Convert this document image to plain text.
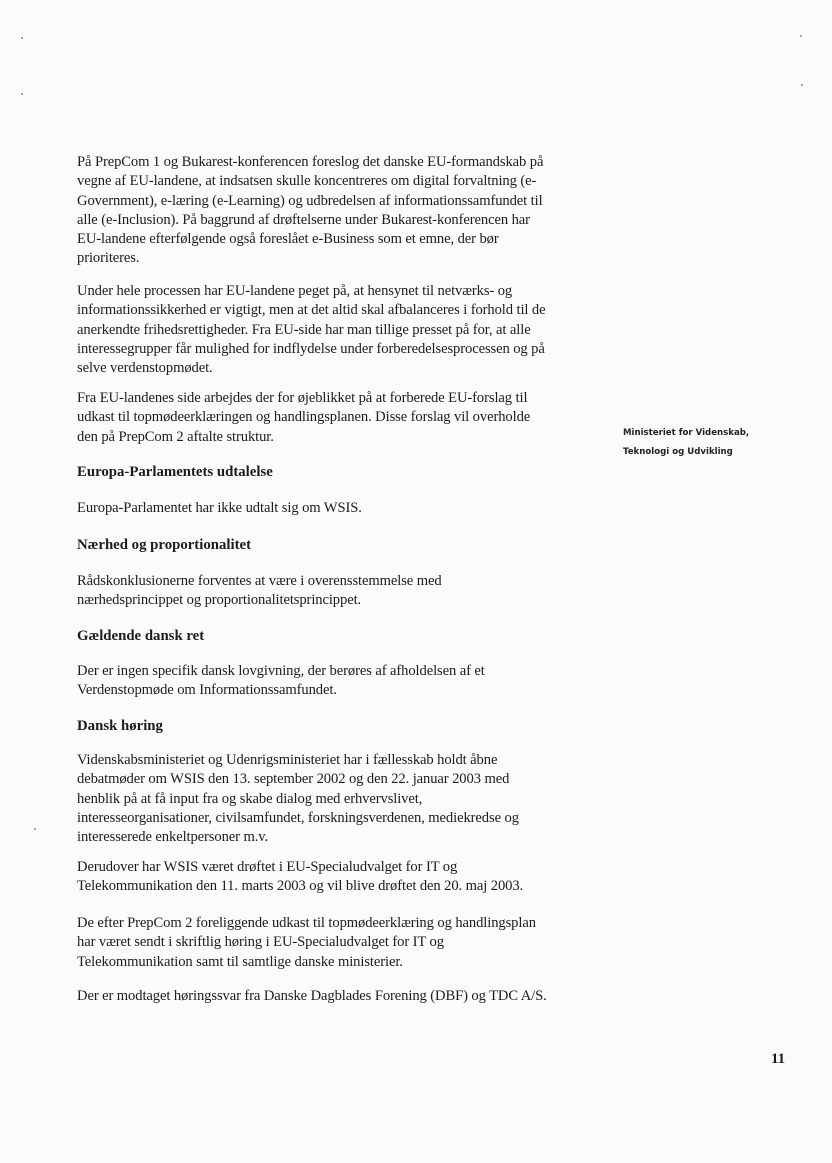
På PrepCom 1 og Bukarest-konferencen foreslog det danske EU-formandskab på
vegne af EU-landene, at indsatsen skulle koncentreres om digital forvaltning (e-
Government), e-læring (e-Learning) og udbredelsen af informationssamfundet til
alle (e-Inclusion). På baggrund af drøftelserne under Bukarest-konferencen har
EU-landene efterfølgende også foreslået e-Business som et emne, der bør
prioriteres.

Under hele processen har EU-landene peget på, at hensynet til netværks- og
informationssikkerhed er vigtigt, men at det altid skal afbalanceres i forhold til de
anerkendte frihedsrettigheder. Fra EU-side har man tillige presset på for, at alle
interessegrupper får mulighed for indflydelse under forberedelsesprocessen og på
selve verdenstopmødet.

Fra EU-landenes side arbejdes der for øjeblikket på at forberede EU-forslag til
udkast til topmødeerklæringen og handlingsplanen. Disse forslag vil overholde
den på PrepCom 2 aftalte struktur.

Europa-Parlamentets udtalelse

Europa-Parlamentet har ikke udtalt sig om WSIS.

Nærhed og proportionalitet

Rådskonklusionerne forventes at være i overensstemmelse med
nærhedsprincippet og proportionalitetsprincippet.

Gældende dansk ret

Der er ingen specifik dansk lovgivning, der berøres af afholdelsen af et
Verdenstopmøde om Informationssamfundet.

Dansk høring

Videnskabsministeriet og Udenrigsministeriet har i fællesskab holdt åbne
debatmøder om WSIS den 13. september 2002 og den 22. januar 2003 med
henblik på at få input fra og skabe dialog med erhvervslivet,
interesseorganisationer, civilsamfundet, forskningsverdenen, mediekredse og
interesserede enkeltpersoner m.v.

Derudover har WSIS været drøftet i EU-Specialudvalget for IT og
Telekommunikation den 11. marts 2003 og vil blive drøftet den 20. maj 2003.

De efter PrepCom 2 foreliggende udkast til topmødeerklæring og handlingsplan
har været sendt i skriftlig høring i EU-Specialudvalget for IT og
Telekommunikation samt til samtlige danske ministerier.

Der er modtaget høringssvar fra Danske Dagblades Forening (DBF) og TDC A/S.

Ministeriet for Videnskab,
Teknologi og Udvikling
11
